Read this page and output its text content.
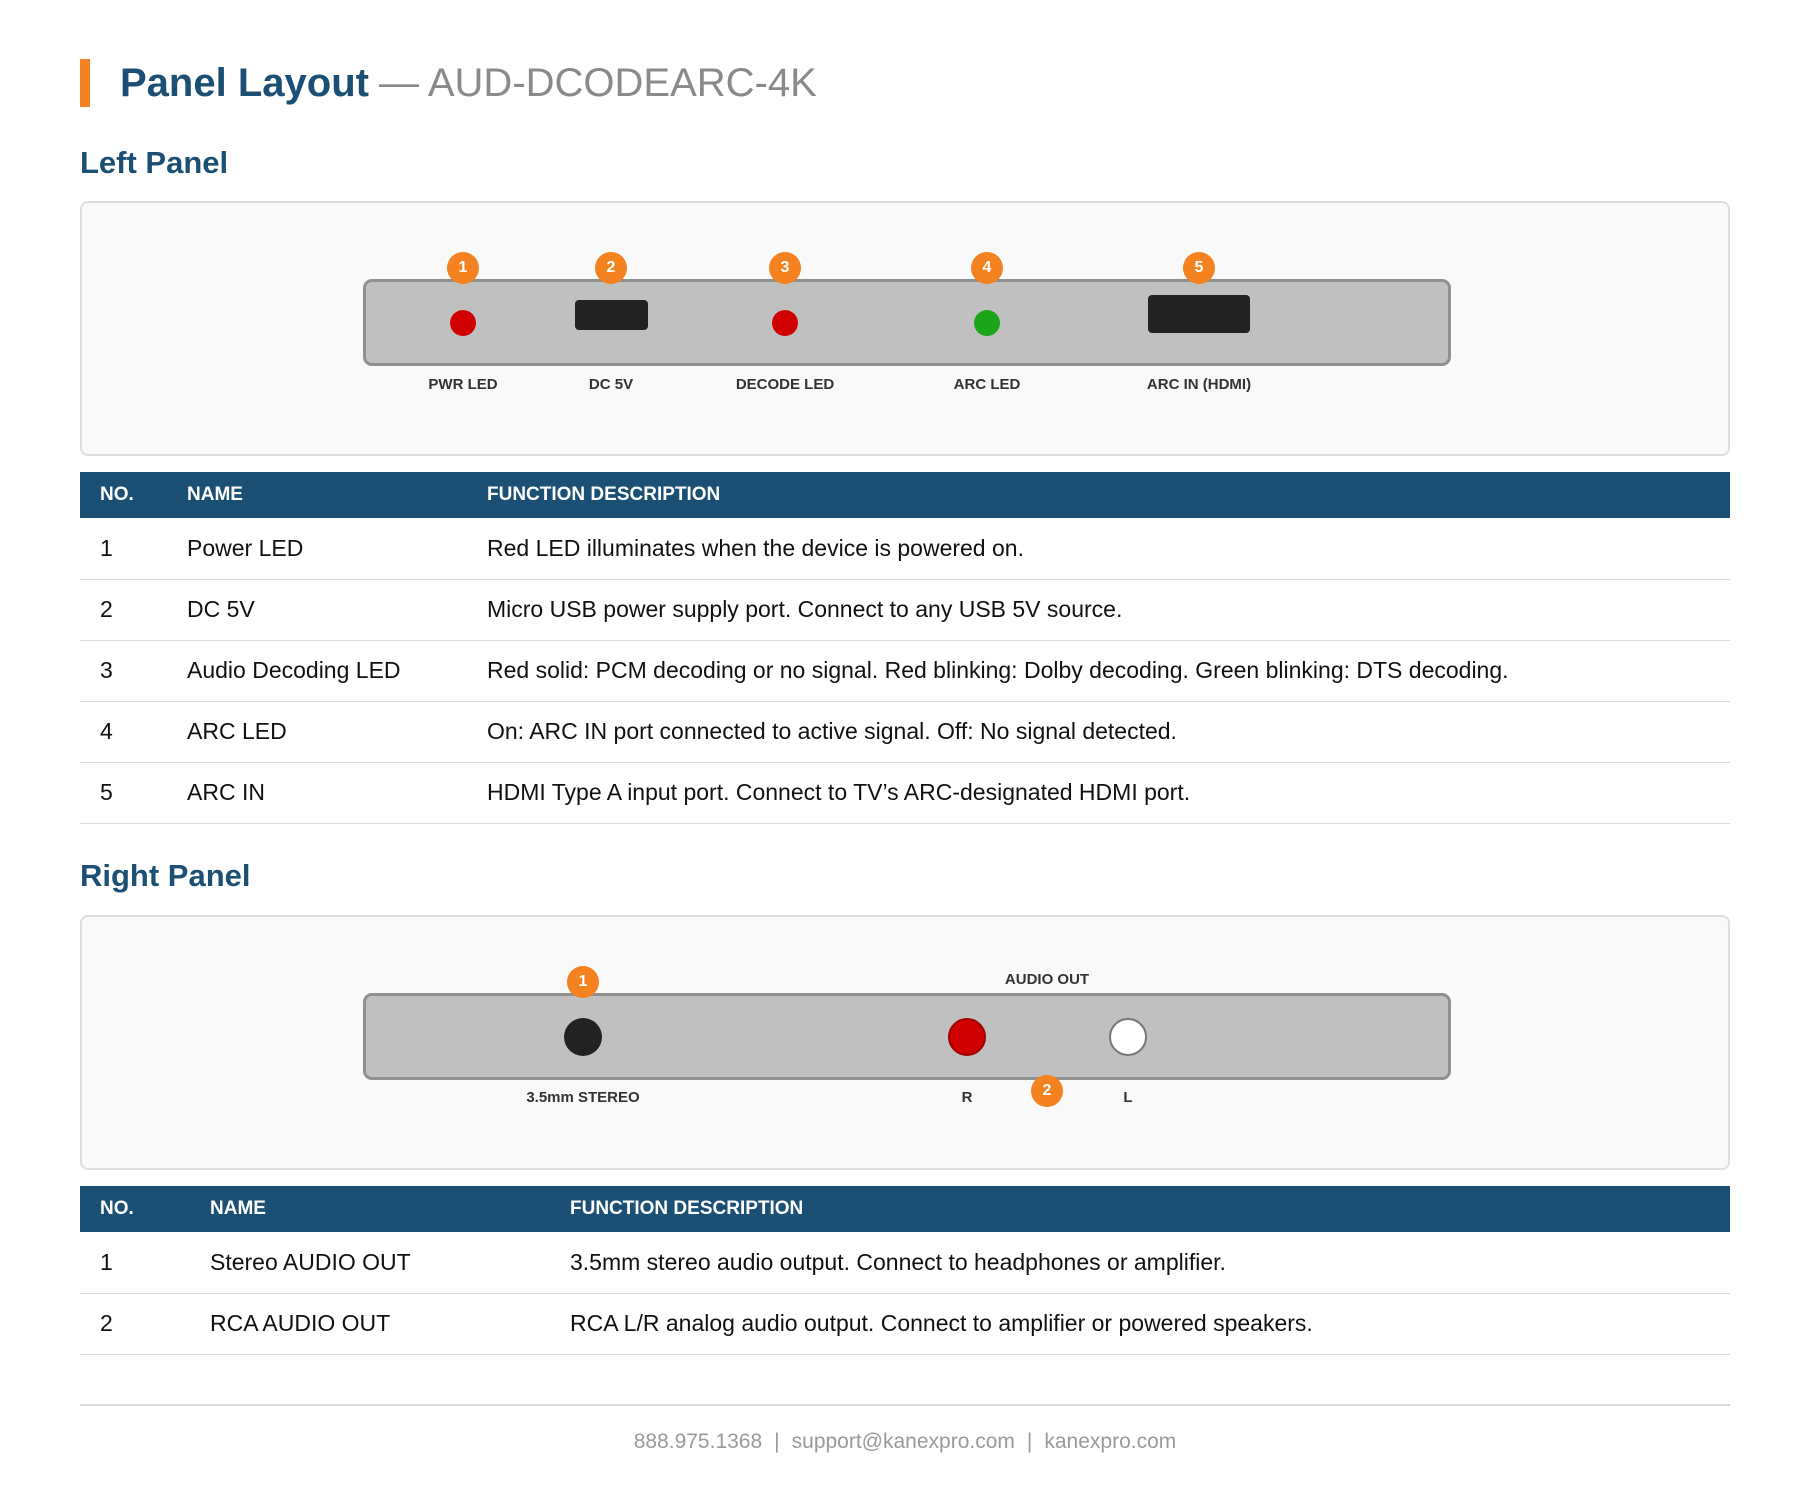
Panel Layout — AUD-DCODEARC-4K
Left Panel
1	2	3	4	5
PWR LED	DC 5V	DECODE LED	ARC LED	ARC IN (HDMI)
NO.	NAME	FUNCTION DESCRIPTION
1	Power LED	Red LED illuminates when the device is powered on.
2	DC 5V	Micro USB power supply port. Connect to any USB 5V source.
3	Audio Decoding LED	Red solid: PCM decoding or no signal. Red blinking: Dolby decoding. Green blinking: DTS decoding.
4	ARC LED	On: ARC IN port connected to active signal. Off: No signal detected.
5	ARC IN	HDMI Type A input port. Connect to TV’s ARC-designated HDMI port.
Right Panel
1	AUDIO OUT
2
3.5mm STEREO	R	L
NO.	NAME	FUNCTION DESCRIPTION
1	Stereo AUDIO OUT	3.5mm stereo audio output. Connect to headphones or amplifier.
2	RCA AUDIO OUT	RCA L/R analog audio output. Connect to amplifier or powered speakers.
888.975.1368 | support@kanexpro.com | kanexpro.com
